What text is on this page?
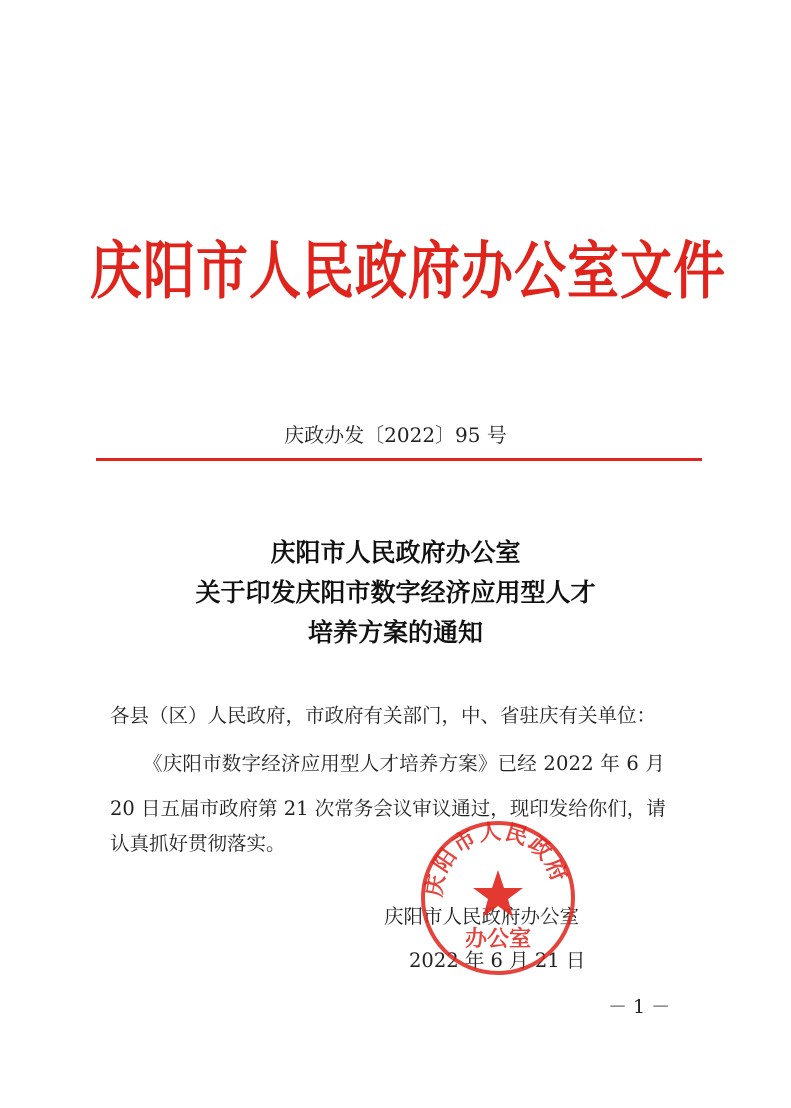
庆阳市人民政府办公室文件
庆政办发〔2022〕95 号
庆阳市人民政府办公室
关于印发庆阳市数字经济应用型人才
培养方案的通知
各县（区）人民政府，市政府有关部门，中、省驻庆有关单位：
《庆阳市数字经济应用型人才培养方案》已经 2022 年 6 月
20 日五届市政府第 21 次常务会议审议通过，现印发给你们，请
认真抓好贯彻落实。
庆阳市人民政府办公室
2022 年 6 月 21 日
庆阳市人民政府
办公室
－ 1 －
